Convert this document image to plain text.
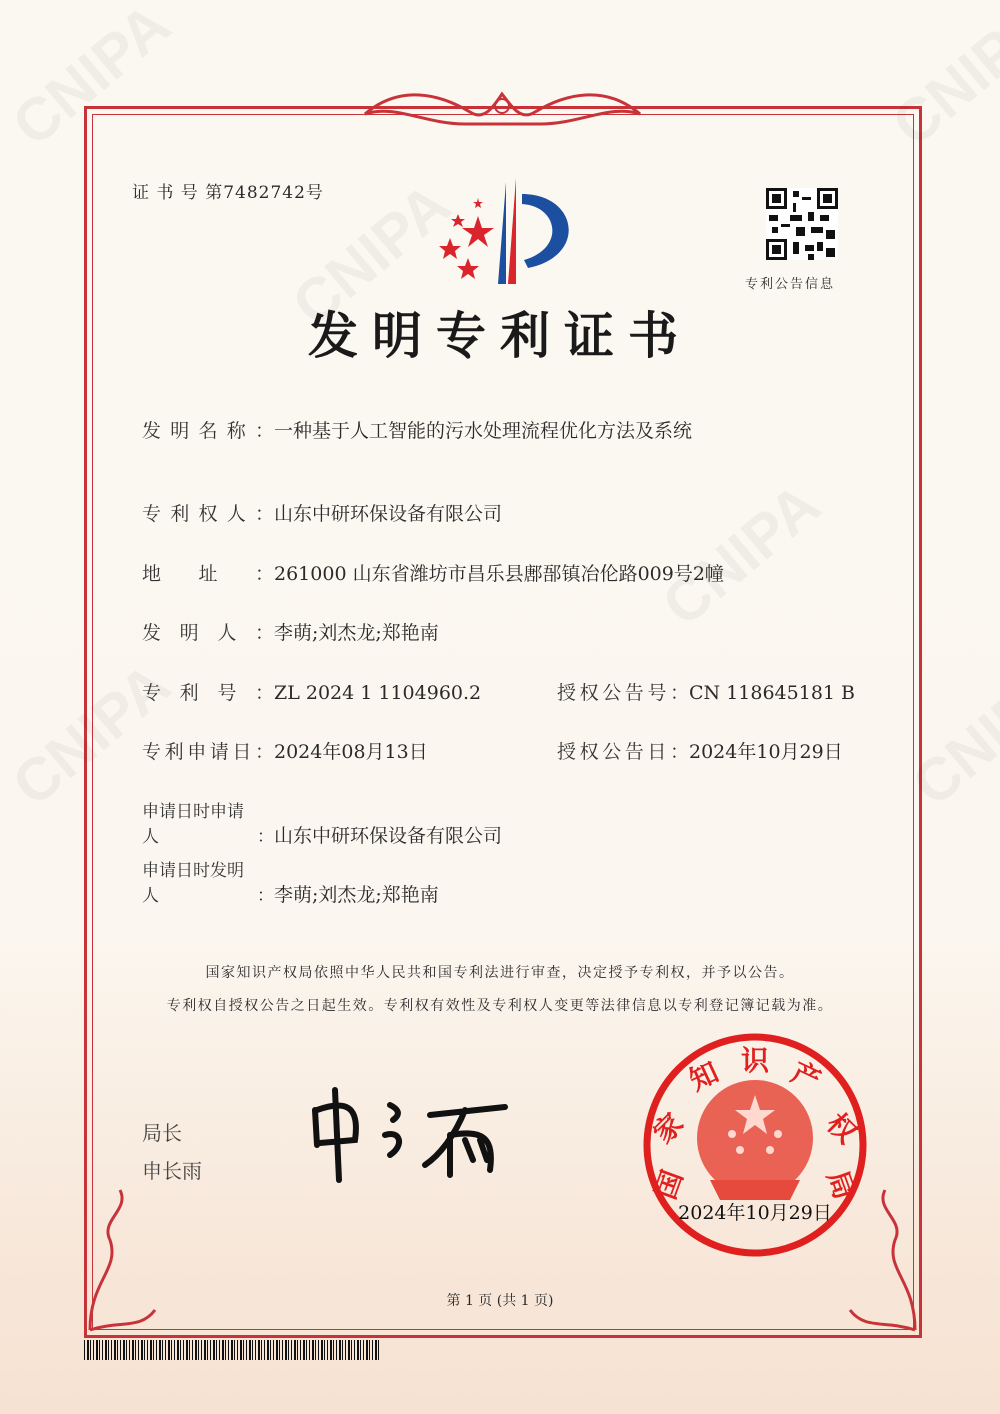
证 书 号 第7482742号
专利公告信息
发明专利证书
发明名称：一种基于人工智能的污水处理流程优化方法及系统
专利权人：山东中研环保设备有限公司
地址：261000 山东省潍坊市昌乐县鄌郚镇冶伦路009号2幢
发明人：李萌;刘杰龙;郑艳南
专利号：ZL 2024 1 1104960.2
专利申请日：2024年08月13日
申请日时申请人：山东中研环保设备有限公司
申请日时发明人：李萌;刘杰龙;郑艳南
授权公告号：CN 118645181 B
授权公告日：2024年10月29日
国家知识产权局依照中华人民共和国专利法进行审查，决定授予专利权，并予以公告。
专利权自授权公告之日起生效。专利权有效性及专利权人变更等法律信息以专利登记簿记载为准。
局长
申长雨	国
家
知 识 产
权
局
2024年10月29日
第 1 页 (共 1 页)
